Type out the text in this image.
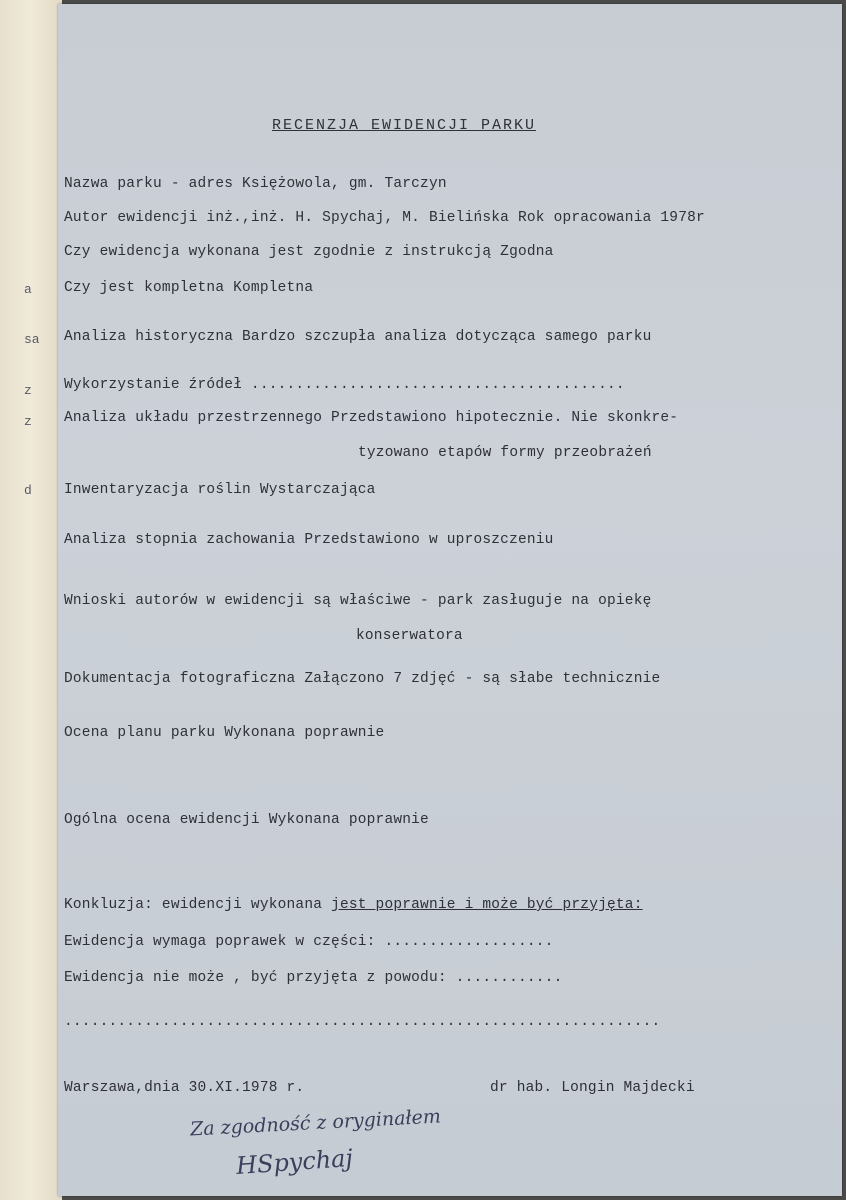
a
sa
z
z
d
RECENZJA EWIDENCJI PARKU
Nazwa parku - adres Księżowola, gm. Tarczyn
Autor ewidencji inż.,inż. H. Spychaj, M. Bielińska Rok opracowania 1978r
Czy ewidencja wykonana jest zgodnie z instrukcją Zgodna
Czy jest kompletna Kompletna
Analiza historyczna Bardzo szczupła analiza dotycząca samego parku
Wykorzystanie źródeł ..........................................
Analiza układu przestrzennego Przedstawiono hipotecznie. Nie skonkre-
tyzowano etapów formy przeobrażeń
Inwentaryzacja roślin Wystarczająca
Analiza stopnia zachowania Przedstawiono w uproszczeniu
Wnioski autorów w ewidencji są właściwe - park zasługuje na opiekę
konserwatora
Dokumentacja fotograficzna Załączono 7 zdjęć - są słabe technicznie
Ocena planu parku Wykonana poprawnie
Ogólna ocena ewidencji Wykonana poprawnie
Konkluzja: ewidencji wykonana jest poprawnie i może być przyjęta:
Ewidencja wymaga poprawek w części: ...................
Ewidencja nie może , być przyjęta z powodu: ............
...................................................................
Warszawa,dnia 30.XI.1978 r.	dr hab. Longin Majdecki
Za zgodność z oryginałem
HSpychaj
